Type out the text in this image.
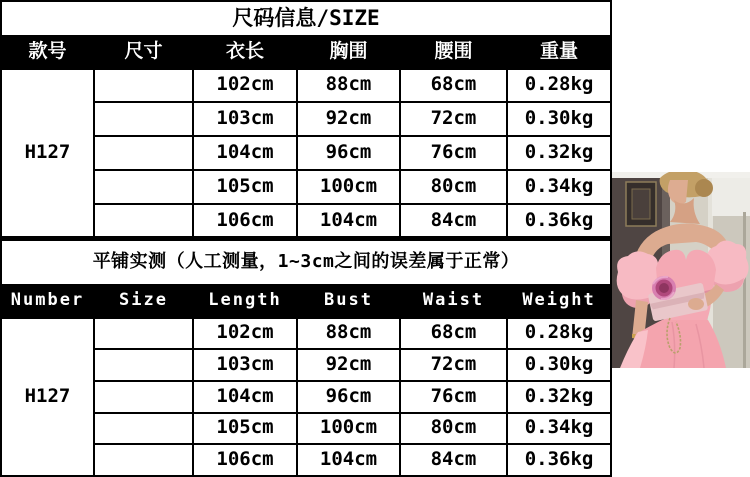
尺码信息/SIZE					
款号	尺寸	衣长	胸围	腰围	重量
H127	S	102cm	88cm	68cm	0.28kg
	M	103cm	92cm	72cm	0.30kg
	L	104cm	96cm	76cm	0.32kg
	XL	105cm	100cm	80cm	0.34kg
	2XL	106cm	104cm	84cm	0.36kg
平铺实测（人工测量，1~3cm之间的误差属于正常）					
Number	Size	Length	Bust	Waist	Weight
H127	S	102cm	88cm	68cm	0.28kg
	M	103cm	92cm	72cm	0.30kg
	L	104cm	96cm	76cm	0.32kg
	XL	105cm	100cm	80cm	0.34kg
	2XL	106cm	104cm	84cm	0.36kg
